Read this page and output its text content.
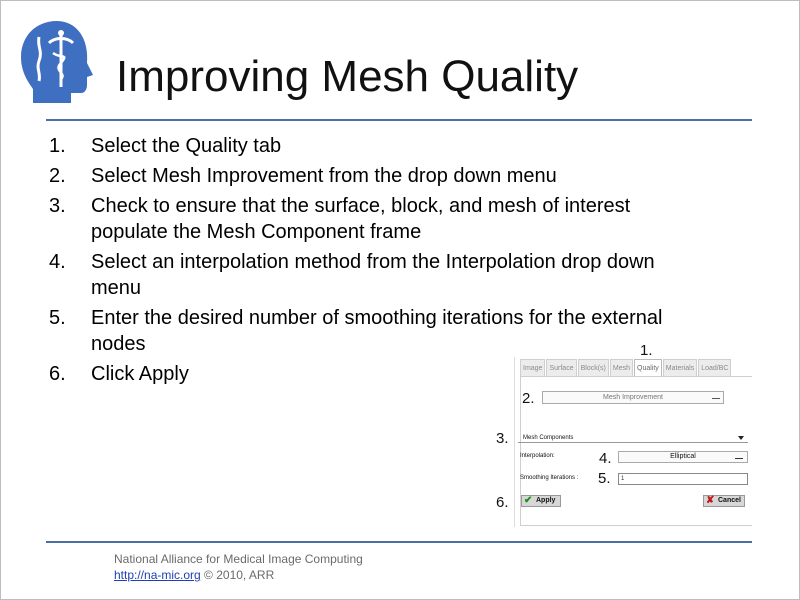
Improving Mesh Quality
1. Select the Quality tab
2. Select Mesh Improvement from the drop down menu
3. Check to ensure that the surface, block, and mesh of interest populate the Mesh Component frame
4. Select an interpolation method from the Interpolation drop down menu
5. Enter the desired number of smoothing iterations for the external nodes
6. Click Apply	Image	Surface	Block(s)	Mesh	Quality	Materials	Load/BC
Mesh Improvement
Mesh Components
Interpolation:	Elliptical
Smoothing Iterations :	1
✔ Apply	✘ Cancel
1.
2.
3.
4.
5.
6.
National Alliance for Medical Image Computing
http://na-mic.org © 2010, ARR
